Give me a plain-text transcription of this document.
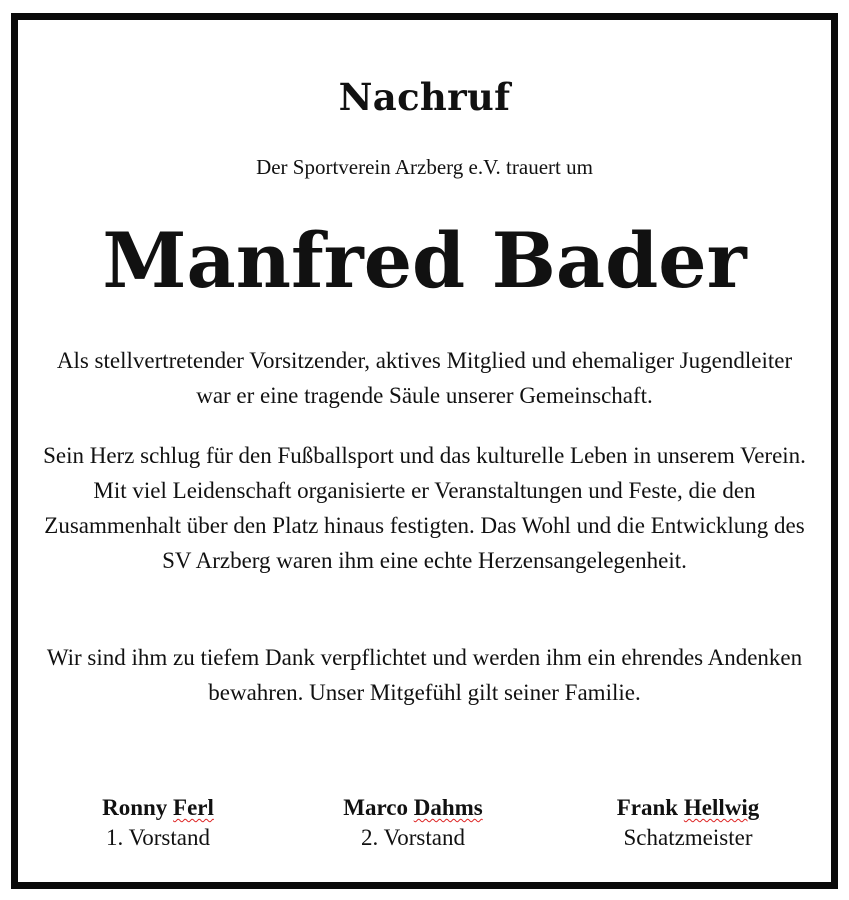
Nachruf
Der Sportverein Arzberg e.V. trauert um
Manfred Bader
Als stellvertretender Vorsitzender, aktives Mitglied und ehemaliger Jugendleiter war er eine tragende Säule unserer Gemeinschaft.
Sein Herz schlug für den Fußballsport und das kulturelle Leben in unserem Verein. Mit viel Leidenschaft organisierte er Veranstaltungen und Feste, die den Zusammenhalt über den Platz hinaus festigten. Das Wohl und die Entwicklung des SV Arzberg waren ihm eine echte Herzensangelegenheit.
Wir sind ihm zu tiefem Dank verpflichtet und werden ihm ein ehrendes Andenken bewahren. Unser Mitgefühl gilt seiner Familie.
Ronny Ferl
1. Vorstand
Marco Dahms
2. Vorstand
Frank Hellwig
Schatzmeister
